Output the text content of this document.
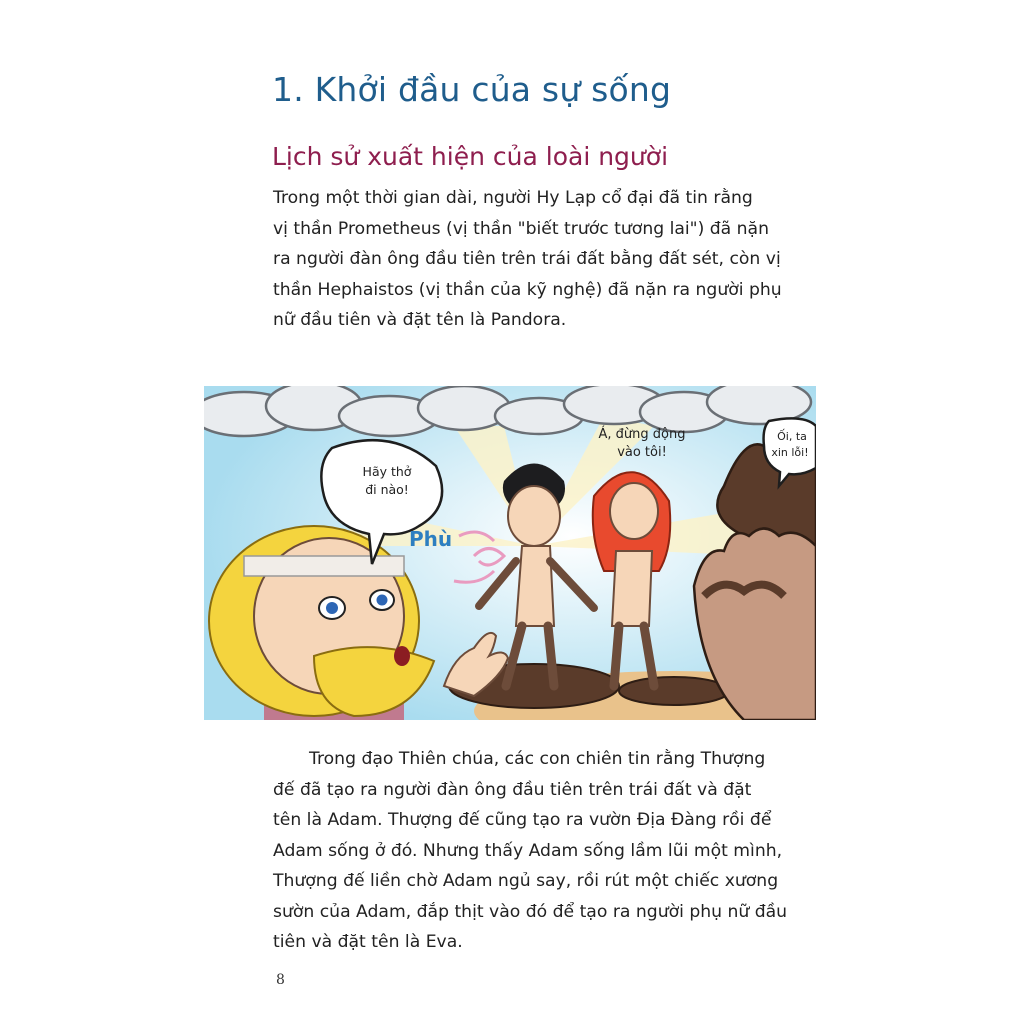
1. Khởi đầu của sự sống
Lịch sử xuất hiện của loài người
Trong một thời gian dài, người Hy Lạp cổ đại đã tin rằng
vị thần Prometheus (vị thần "biết trước tương lai") đã nặn
ra người đàn ông đầu tiên trên trái đất bằng đất sét, còn vị
thần Hephaistos (vị thần của kỹ nghệ) đã nặn ra người phụ
nữ đầu tiên và đặt tên là Pandora.
Hãy thở
đi nào!
Phù
Á, đừng động
vào tôi!
Ối, ta
xin lỗi!
Trong đạo Thiên chúa, các con chiên tin rằng Thượng
đế đã tạo ra người đàn ông đầu tiên trên trái đất và đặt
tên là Adam. Thượng đế cũng tạo ra vườn Địa Đàng rồi để
Adam sống ở đó. Nhưng thấy Adam sống lầm lũi một mình,
Thượng đế liền chờ Adam ngủ say, rồi rút một chiếc xương
sườn của Adam, đắp thịt vào đó để tạo ra người phụ nữ đầu
tiên và đặt tên là Eva.
8
